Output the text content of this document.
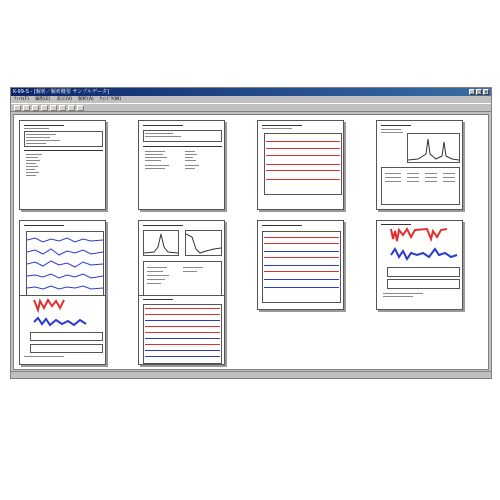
K-99-S - [解析／解析概要 サンプルデータ]	_	□ ×
ﾌｧｲﾙ(F) 編集(E) 表示(V) 解析(A) ｳｨﾝﾄﾞｳ(W)
